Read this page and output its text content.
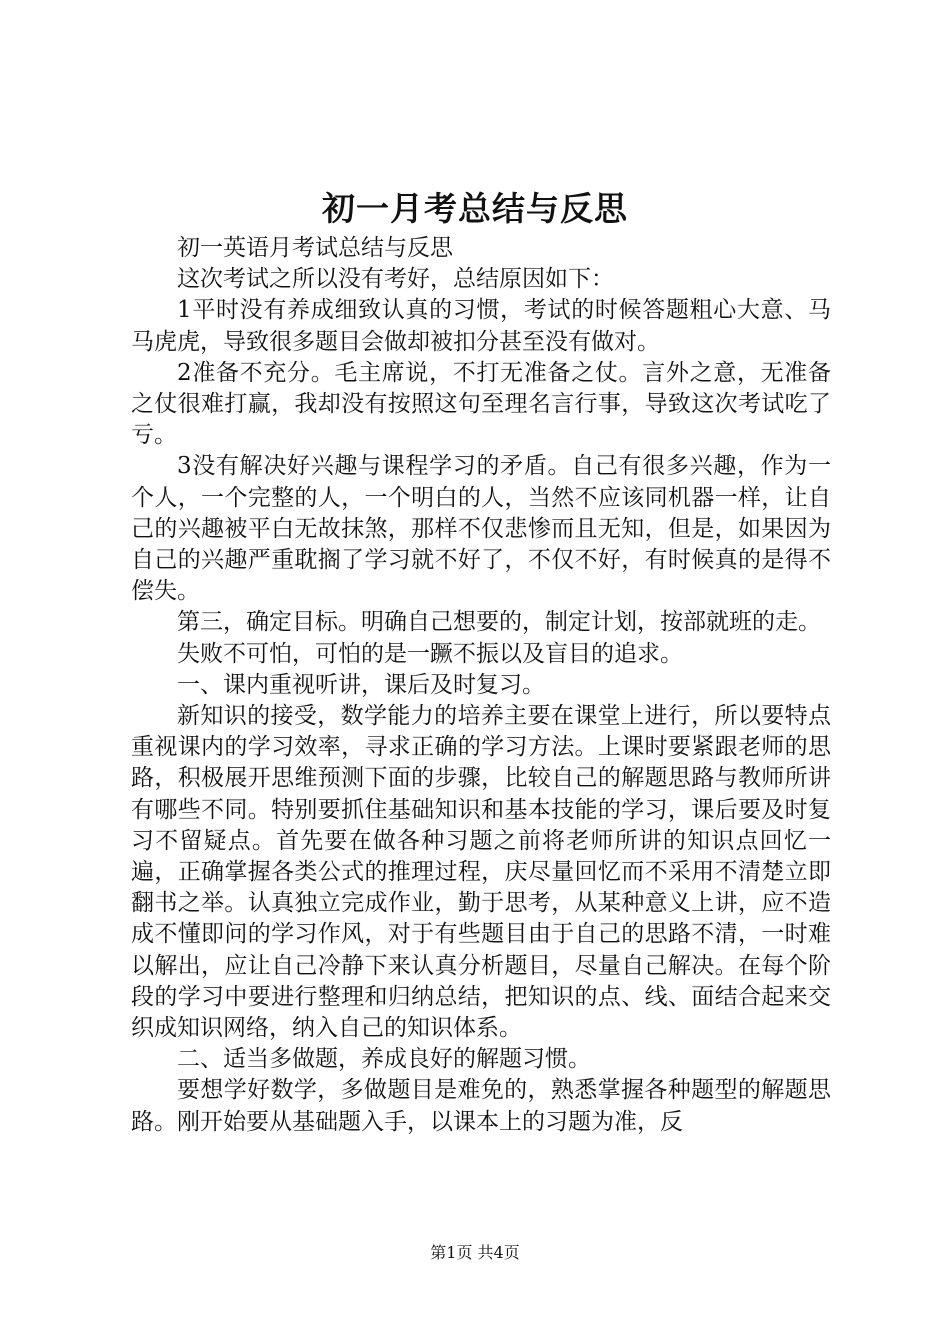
初一月考总结与反思

初一英语月考试总结与反思

这次考试之所以没有考好，总结原因如下：

1平时没有养成细致认真的习惯，考试的时候答题粗心大意、马马虎虎，导致很多题目会做却被扣分甚至没有做对。

2准备不充分。毛主席说，不打无准备之仗。言外之意，无准备之仗很难打赢，我却没有按照这句至理名言行事，导致这次考试吃了亏。

3没有解决好兴趣与课程学习的矛盾。自己有很多兴趣，作为一个人，一个完整的人，一个明白的人，当然不应该同机器一样，让自己的兴趣被平白无故抹煞，那样不仅悲惨而且无知，但是，如果因为自己的兴趣严重耽搁了学习就不好了，不仅不好，有时候真的是得不偿失。

第三，确定目标。明确自己想要的，制定计划，按部就班的走。

失败不可怕，可怕的是一蹶不振以及盲目的追求。

一、课内重视听讲，课后及时复习。

新知识的接受，数学能力的培养主要在课堂上进行，所以要特点重视课内的学习效率，寻求正确的学习方法。上课时要紧跟老师的思路，积极展开思维预测下面的步骤，比较自己的解题思路与教师所讲有哪些不同。特别要抓住基础知识和基本技能的学习，课后要及时复习不留疑点。首先要在做各种习题之前将老师所讲的知识点回忆一遍，正确掌握各类公式的推理过程，庆尽量回忆而不采用不清楚立即翻书之举。认真独立完成作业，勤于思考，从某种意义上讲，应不造成不懂即问的学习作风，对于有些题目由于自己的思路不清，一时难以解出，应让自己冷静下来认真分析题目，尽量自己解决。在每个阶段的学习中要进行整理和归纳总结，把知识的点、线、面结合起来交织成知识网络，纳入自己的知识体系。

二、适当多做题，养成良好的解题习惯。

要想学好数学，多做题目是难免的，熟悉掌握各种题型的解题思路。刚开始要从基础题入手，以课本上的习题为准，反

第1页 共4页
